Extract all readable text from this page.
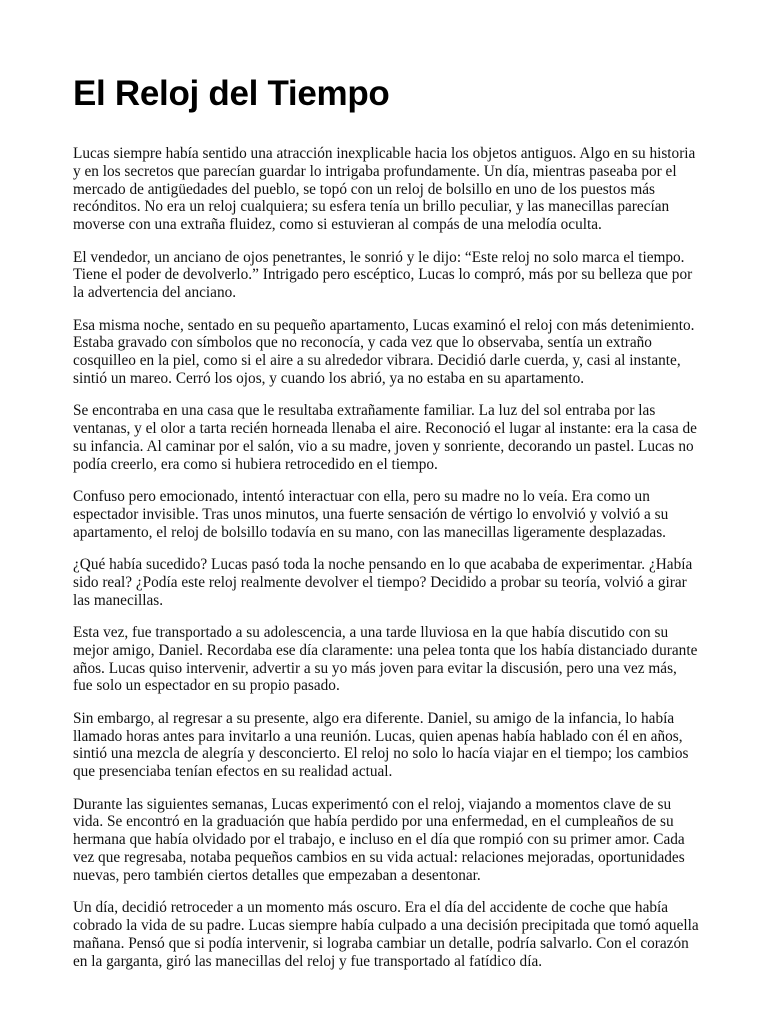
El Reloj del Tiempo

Lucas siempre había sentido una atracción inexplicable hacia los objetos antiguos. Algo en su historia y en los secretos que parecían guardar lo intrigaba profundamente. Un día, mientras paseaba por el mercado de antigüedades del pueblo, se topó con un reloj de bolsillo en uno de los puestos más recónditos. No era un reloj cualquiera; su esfera tenía un brillo peculiar, y las manecillas parecían moverse con una extraña fluidez, como si estuvieran al compás de una melodía oculta.

El vendedor, un anciano de ojos penetrantes, le sonrió y le dijo: “Este reloj no solo marca el tiempo. Tiene el poder de devolverlo.” Intrigado pero escéptico, Lucas lo compró, más por su belleza que por la advertencia del anciano.

Esa misma noche, sentado en su pequeño apartamento, Lucas examinó el reloj con más detenimiento. Estaba gravado con símbolos que no reconocía, y cada vez que lo observaba, sentía un extraño cosquilleo en la piel, como si el aire a su alrededor vibrara. Decidió darle cuerda, y, casi al instante, sintió un mareo. Cerró los ojos, y cuando los abrió, ya no estaba en su apartamento.

Se encontraba en una casa que le resultaba extrañamente familiar. La luz del sol entraba por las ventanas, y el olor a tarta recién horneada llenaba el aire. Reconoció el lugar al instante: era la casa de su infancia. Al caminar por el salón, vio a su madre, joven y sonriente, decorando un pastel. Lucas no podía creerlo, era como si hubiera retrocedido en el tiempo.

Confuso pero emocionado, intentó interactuar con ella, pero su madre no lo veía. Era como un espectador invisible. Tras unos minutos, una fuerte sensación de vértigo lo envolvió y volvió a su apartamento, el reloj de bolsillo todavía en su mano, con las manecillas ligeramente desplazadas.

¿Qué había sucedido? Lucas pasó toda la noche pensando en lo que acababa de experimentar. ¿Había sido real? ¿Podía este reloj realmente devolver el tiempo? Decidido a probar su teoría, volvió a girar las manecillas.

Esta vez, fue transportado a su adolescencia, a una tarde lluviosa en la que había discutido con su mejor amigo, Daniel. Recordaba ese día claramente: una pelea tonta que los había distanciado durante años. Lucas quiso intervenir, advertir a su yo más joven para evitar la discusión, pero una vez más, fue solo un espectador en su propio pasado.

Sin embargo, al regresar a su presente, algo era diferente. Daniel, su amigo de la infancia, lo había llamado horas antes para invitarlo a una reunión. Lucas, quien apenas había hablado con él en años, sintió una mezcla de alegría y desconcierto. El reloj no solo lo hacía viajar en el tiempo; los cambios que presenciaba tenían efectos en su realidad actual.

Durante las siguientes semanas, Lucas experimentó con el reloj, viajando a momentos clave de su vida. Se encontró en la graduación que había perdido por una enfermedad, en el cumpleaños de su hermana que había olvidado por el trabajo, e incluso en el día que rompió con su primer amor. Cada vez que regresaba, notaba pequeños cambios en su vida actual: relaciones mejoradas, oportunidades nuevas, pero también ciertos detalles que empezaban a desentonar.

Un día, decidió retroceder a un momento más oscuro. Era el día del accidente de coche que había cobrado la vida de su padre. Lucas siempre había culpado a una decisión precipitada que tomó aquella mañana. Pensó que si podía intervenir, si lograba cambiar un detalle, podría salvarlo. Con el corazón en la garganta, giró las manecillas del reloj y fue transportado al fatídico día.
